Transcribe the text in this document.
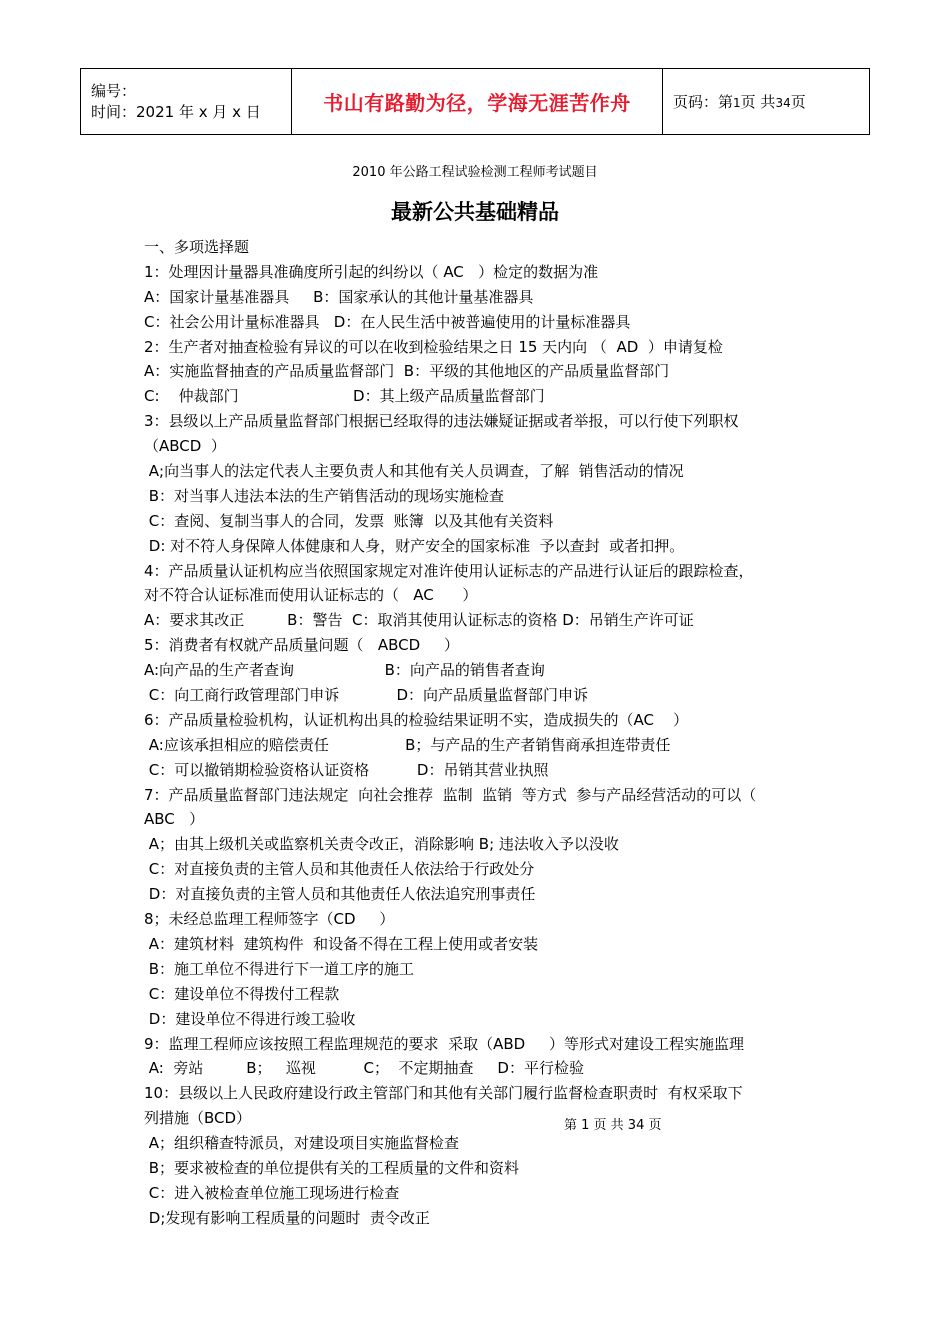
编号：
时间：2021 年 x 月 x 日	书山有路勤为径，学海无涯苦作舟	页码：第1页 共34页
2010 年公路工程试验检测工程师考试题目
最新公共基础精品
一、多项选择题
1：处理因计量器具准确度所引起的纠纷以（ AC   ）检定的数据为准
A：国家计量基准器具     B：国家承认的其他计量基准器具
C：社会公用计量标准器具   D：在人民生活中被普遍使用的计量标准器具
2：生产者对抽查检验有异议的可以在收到检验结果之日 15 天内向 （  AD  ）申请复检
A：实施监督抽查的产品质量监督部门  B：平级的其他地区的产品质量监督部门
C:    仲裁部门                        D：其上级产品质量监督部门
3：县级以上产品质量监督部门根据已经取得的违法嫌疑证据或者举报，可以行使下列职权
（ABCD  ）
A;向当事人的法定代表人主要负责人和其他有关人员调查，了解  销售活动的情况
B：对当事人违法本法的生产销售活动的现场实施检查
C：查阅、复制当事人的合同，发票  账簿  以及其他有关资料
D: 对不符人身保障人体健康和人身，财产安全的国家标准  予以查封  或者扣押。
4：产品质量认证机构应当依照国家规定对准许使用认证标志的产品进行认证后的跟踪检查，
对不符合认证标准而使用认证标志的（   AC      ）
A：要求其改正         B：警告  C：取消其使用认证标志的资格 D：吊销生产许可证
5：消费者有权就产品质量问题（   ABCD     ）
A:向产品的生产者查询                   B：向产品的销售者查询
C：向工商行政管理部门申诉            D：向产品质量监督部门申诉
6：产品质量检验机构，认证机构出具的检验结果证明不实，造成损失的（AC    ）
A:应该承担相应的赔偿责任                B；与产品的生产者销售商承担连带责任
C：可以撤销期检验资格认证资格          D：吊销其营业执照
7：产品质量监督部门违法规定  向社会推荐  监制  监销  等方式  参与产品经营活动的可以（
ABC   ）
A；由其上级机关或监察机关责令改正，消除影响 B; 违法收入予以没收
C：对直接负责的主管人员和其他责任人依法给于行政处分
D：对直接负责的主管人员和其他责任人依法追究刑事责任
8；未经总监理工程师签字（CD     ）
A：建筑材料  建筑构件  和设备不得在工程上使用或者安装
B：施工单位不得进行下一道工序的施工
C：建设单位不得拨付工程款
D：建设单位不得进行竣工验收
9：监理工程师应该按照工程监理规范的要求  采取（ABD     ）等形式对建设工程实施监理
A:  旁站         B；   巡视          C；  不定期抽查     D：平行检验
10：县级以上人民政府建设行政主管部门和其他有关部门履行监督检查职责时  有权采取下
列措施（BCD）
A；组织稽查特派员，对建设项目实施监督检查
B；要求被检查的单位提供有关的工程质量的文件和资料
C：进入被检查单位施工现场进行检查
D;发现有影响工程质量的问题时  责令改正
第 1 页 共 34 页
